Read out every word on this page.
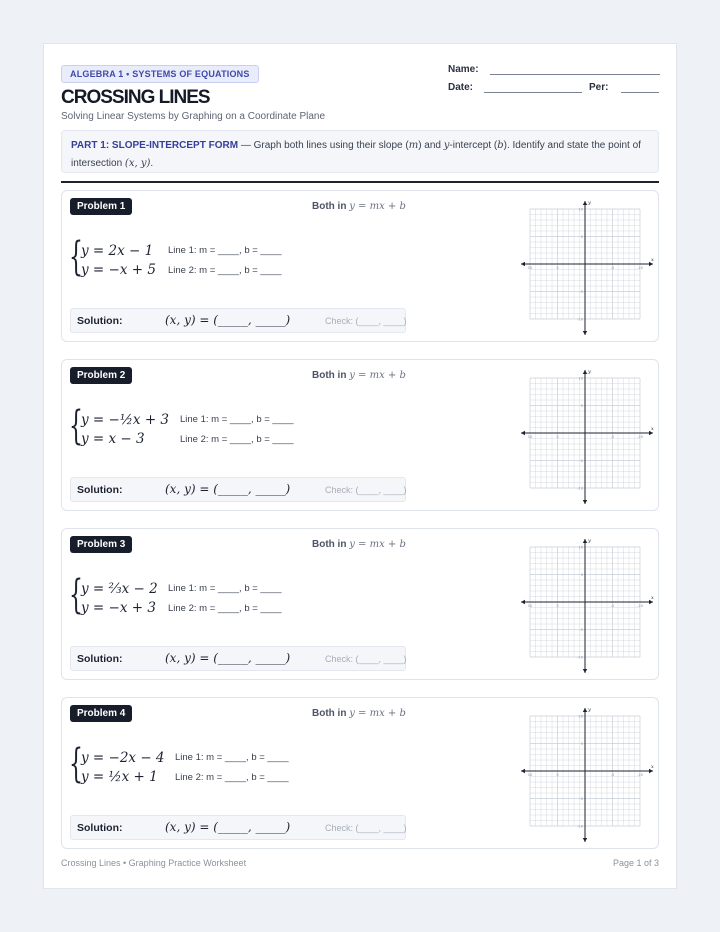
ALGEBRA 1 • SYSTEMS OF EQUATIONS
CROSSING LINES
Solving Linear Systems by Graphing on a Coordinate Plane
Name:
Date:	Per:
PART 1: SLOPE-INTERCEPT FORM — Graph both lines using their slope (m) and y-intercept (b). Identify and state the point of intersection (x, y).
Problem 1	Both in y = mx + b
{
y = 2x − 1
y = −x + 5
Line 1: m = ____, b = ____
Line 2: m = ____, b = ____
Solution:	(x, y) = (_____, _____)	Check: (____, ____)
x
y
10
-10
5
-5
-5
5
-10
10
Problem 2	Both in y = mx + b
{
y = −½x + 3
y = x − 3
Line 1: m = ____, b = ____
Line 2: m = ____, b = ____
Solution:	(x, y) = (_____, _____)	Check: (____, ____)
x
y
10
-10
5
-5
-5
5
-10
10
Problem 3	Both in y = mx + b
{
y = ⅔x − 2
y = −x + 3
Line 1: m = ____, b = ____
Line 2: m = ____, b = ____
Solution:	(x, y) = (_____, _____)	Check: (____, ____)
x
y
10
-10
5
-5
-5
5
-10
10
Problem 4	Both in y = mx + b
{
y = −2x − 4
y = ½x + 1
Line 1: m = ____, b = ____
Line 2: m = ____, b = ____
Solution:	(x, y) = (_____, _____)	Check: (____, ____)
x
y
10
-10
5
-5
-5
5
-10
10
Crossing Lines • Graphing Practice Worksheet	Page 1 of 3
